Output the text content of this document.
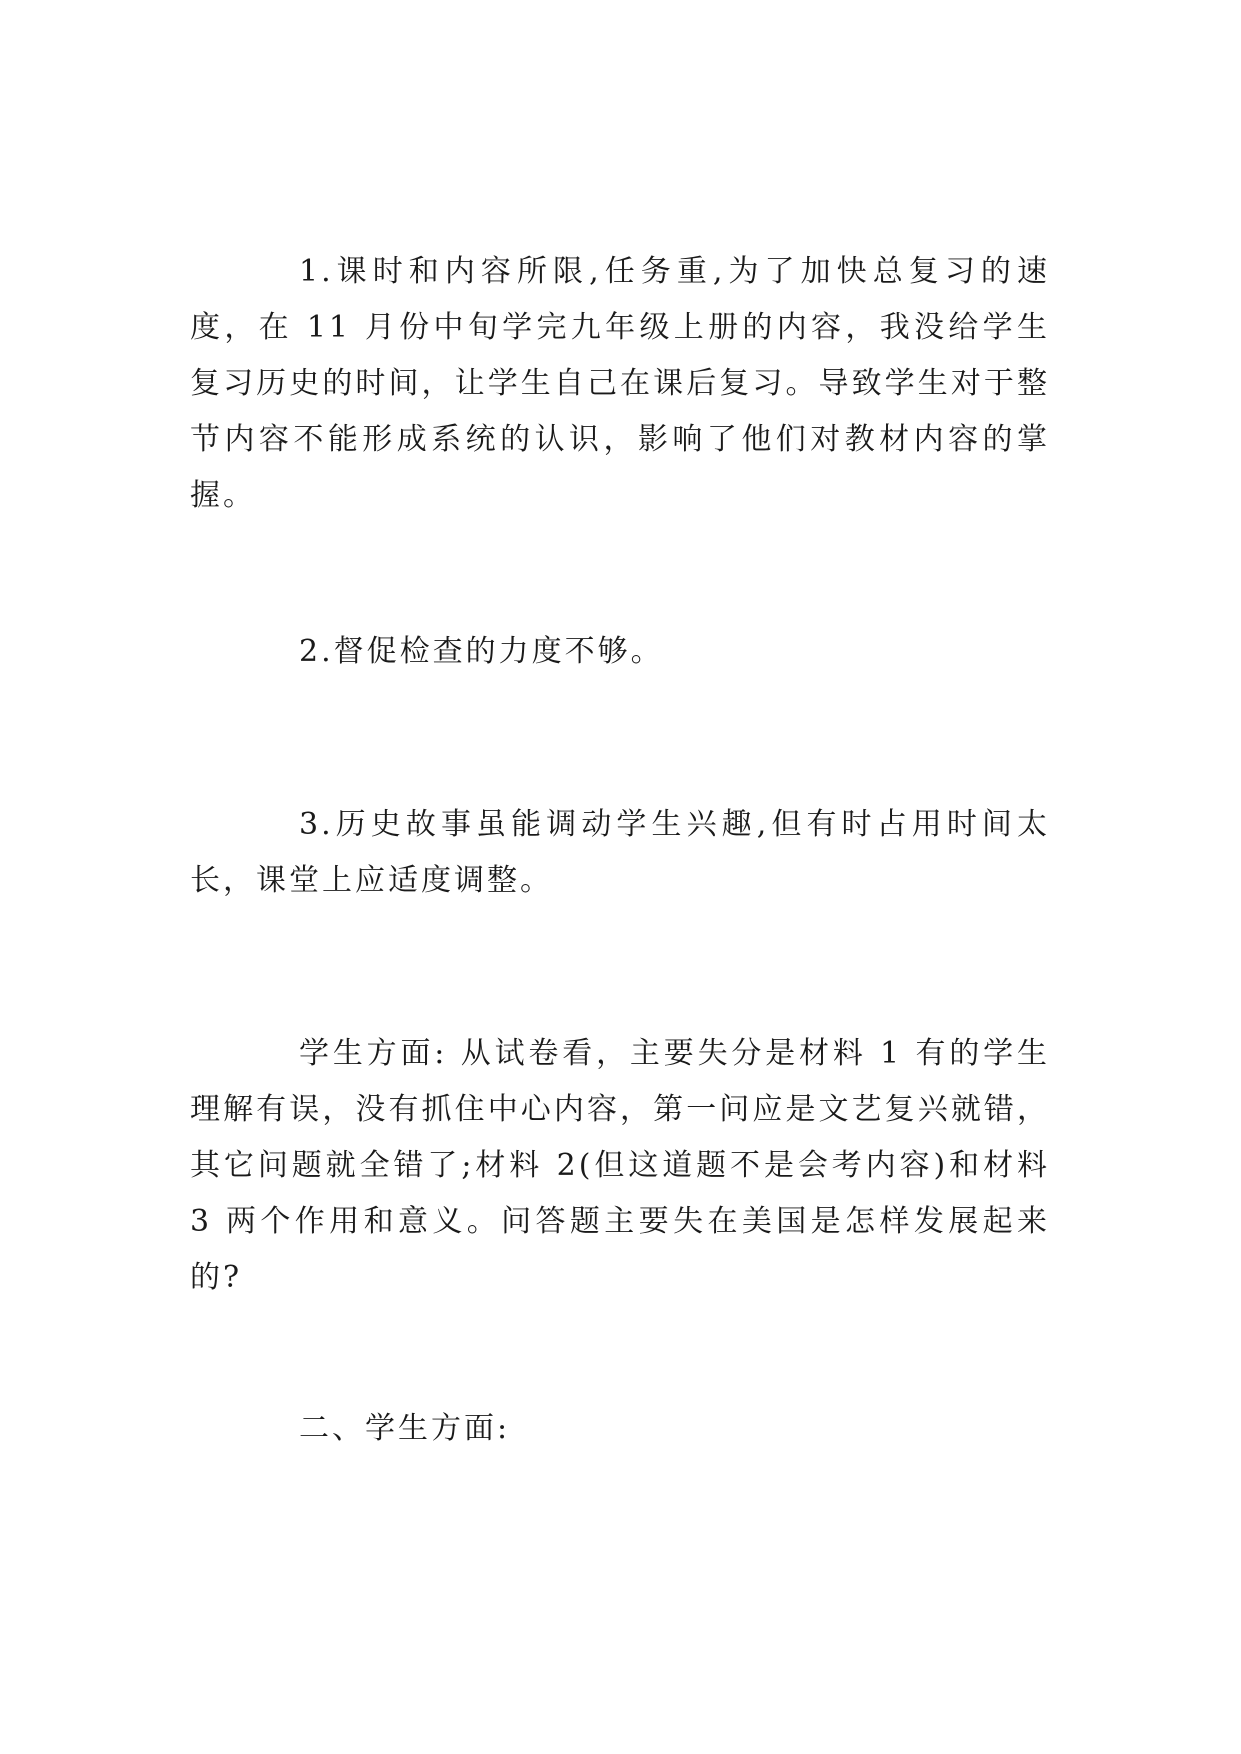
1.课时和内容所限,任务重,为了加快总复习的速度，在 11 月份中旬学完九年级上册的内容，我没给学生复习历史的时间，让学生自己在课后复习。导致学生对于整节内容不能形成系统的认识，影响了他们对教材内容的掌握。

2.督促检查的力度不够。

3.历史故事虽能调动学生兴趣,但有时占用时间太长，课堂上应适度调整。

学生方面: 从试卷看，主要失分是材料 1 有的学生理解有误，没有抓住中心内容，第一问应是文艺复兴就错，其它问题就全错了;材料 2(但这道题不是会考内容)和材料 3 两个作用和意义。问答题主要失在美国是怎样发展起来的?

二、学生方面:
